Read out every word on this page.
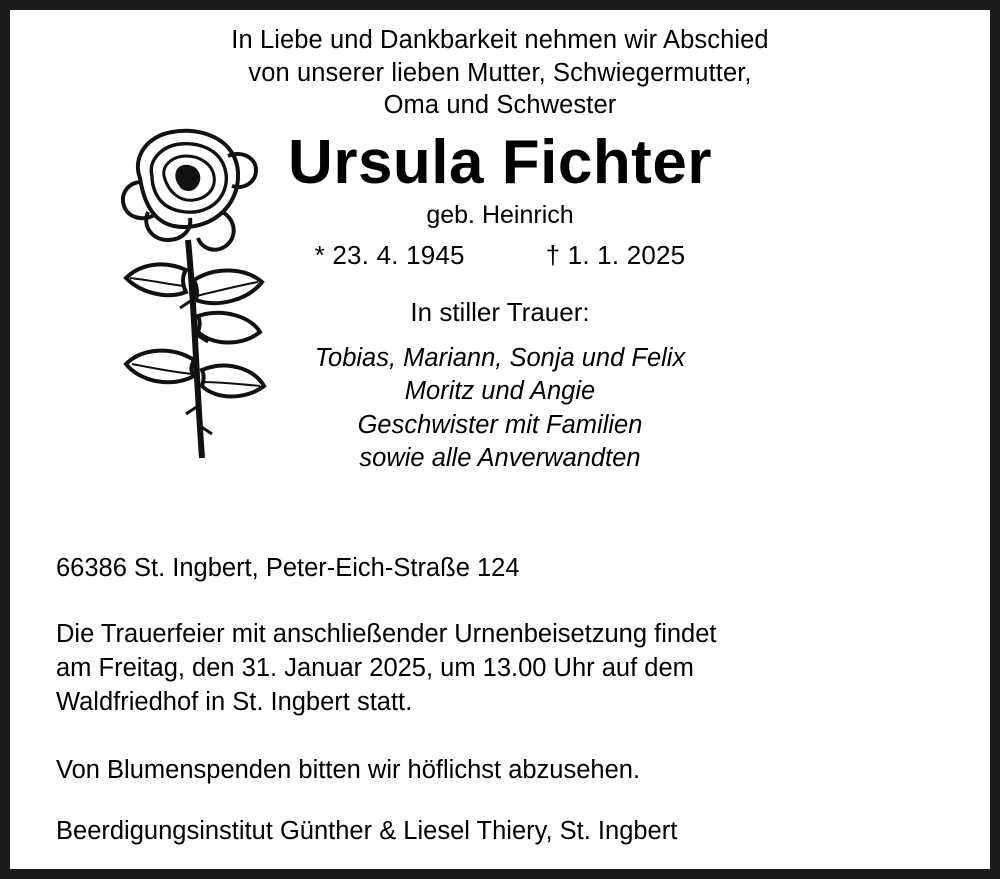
In Liebe und Dankbarkeit nehmen wir Abschied
von unserer lieben Mutter, Schwiegermutter,
Oma und Schwester
Ursula Fichter
geb. Heinrich
* 23. 4. 1945	† 1. 1. 2025
In stiller Trauer:
Tobias, Mariann, Sonja und Felix
Moritz und Angie
Geschwister mit Familien
sowie alle Anverwandten
66386 St. Ingbert, Peter-Eich-Straße 124
Die Trauerfeier mit anschließender Urnenbeisetzung findet
am Freitag, den 31. Januar 2025, um 13.00 Uhr auf dem
Waldfriedhof in St. Ingbert statt.
Von Blumenspenden bitten wir höflichst abzusehen.
Beerdigungsinstitut Günther & Liesel Thiery, St. Ingbert
